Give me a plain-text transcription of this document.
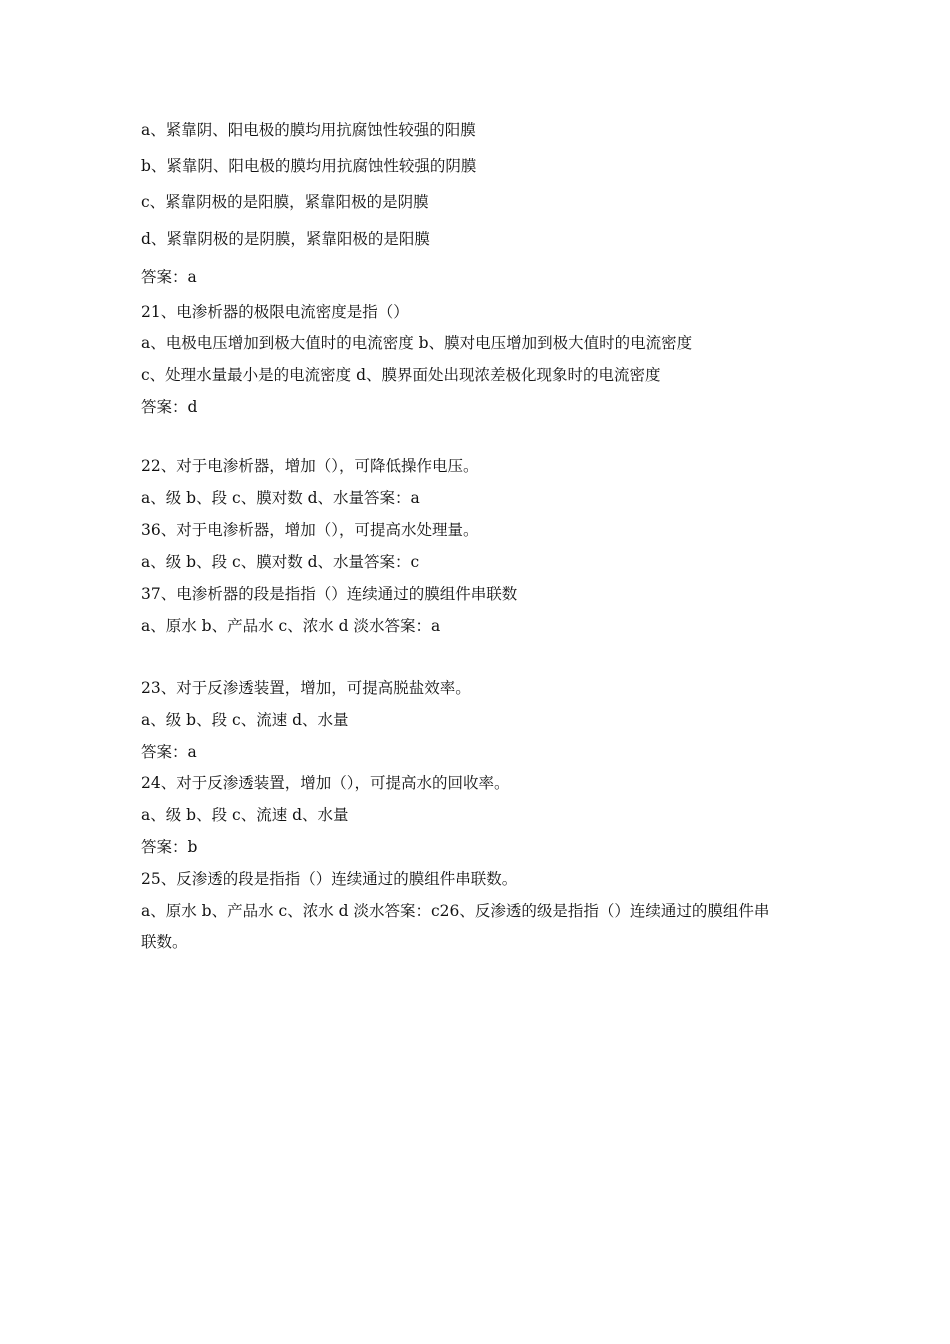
a、紧靠阴、阳电极的膜均用抗腐蚀性较强的阳膜
b、紧靠阴、阳电极的膜均用抗腐蚀性较强的阴膜
c、紧靠阴极的是阳膜，紧靠阳极的是阴膜
d、紧靠阴极的是阴膜，紧靠阳极的是阳膜
答案：a
21、电渗析器的极限电流密度是指（）
a、电极电压增加到极大值时的电流密度 b、膜对电压增加到极大值时的电流密度
c、处理水量最小是的电流密度 d、膜界面处出现浓差极化现象时的电流密度
答案：d
22、对于电渗析器，增加（），可降低操作电压。
a、级 b、段 c、膜对数 d、水量答案：a
36、对于电渗析器，增加（），可提高水处理量。
a、级 b、段 c、膜对数 d、水量答案：c
37、电渗析器的段是指指（）连续通过的膜组件串联数
a、原水 b、产品水 c、浓水 d 淡水答案：a
23、对于反渗透装置，增加，可提高脱盐效率。
a、级 b、段 c、流速 d、水量
答案：a
24、对于反渗透装置，增加（），可提高水的回收率。
a、级 b、段 c、流速 d、水量
答案：b
25、反渗透的段是指指（）连续通过的膜组件串联数。
a、原水 b、产品水 c、浓水 d 淡水答案：c26、反渗透的级是指指（）连续通过的膜组件串
联数。
